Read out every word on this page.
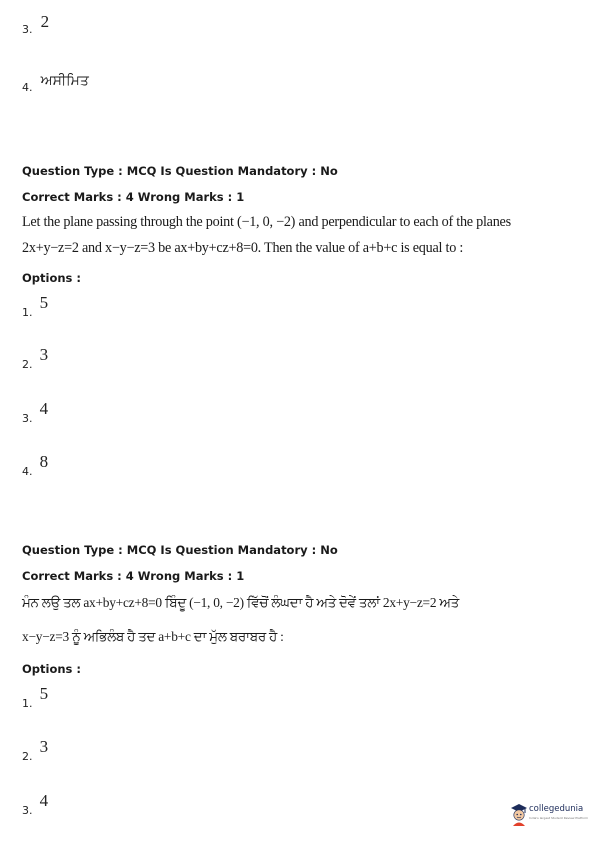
3. 2
4. ਅਸੀਮਿਤ
Question Type : MCQ Is Question Mandatory : No
Correct Marks : 4 Wrong Marks : 1
Let the plane passing through the point (−1, 0, −2) and perpendicular to each of the planes
2x+y−z=2 and x−y−z=3 be ax+by+cz+8=0. Then the value of a+b+c is equal to :
Options :
1. 5
2. 3
3. 4
4. 8
Question Type : MCQ Is Question Mandatory : No
Correct Marks : 4 Wrong Marks : 1
ਮੰਨ ਲਉ ਤਲ ax+by+cz+8=0 ਬਿੰਦੂ (−1, 0, −2) ਵਿੱਚੋਂ ਲੰਘਦਾ ਹੈ ਅਤੇ ਦੋਵੇਂ ਤਲਾਂ 2x+y−z=2 ਅਤੇ
x−y−z=3 ਨੂੰ ਅਭਿਲੰਬ ਹੈ ਤਦ a+b+c ਦਾ ਮੁੱਲ ਬਰਾਬਰ ਹੈ :
Options :
1. 5
2. 3
3. 4	collegedunia
India's largest Student Review Platform
